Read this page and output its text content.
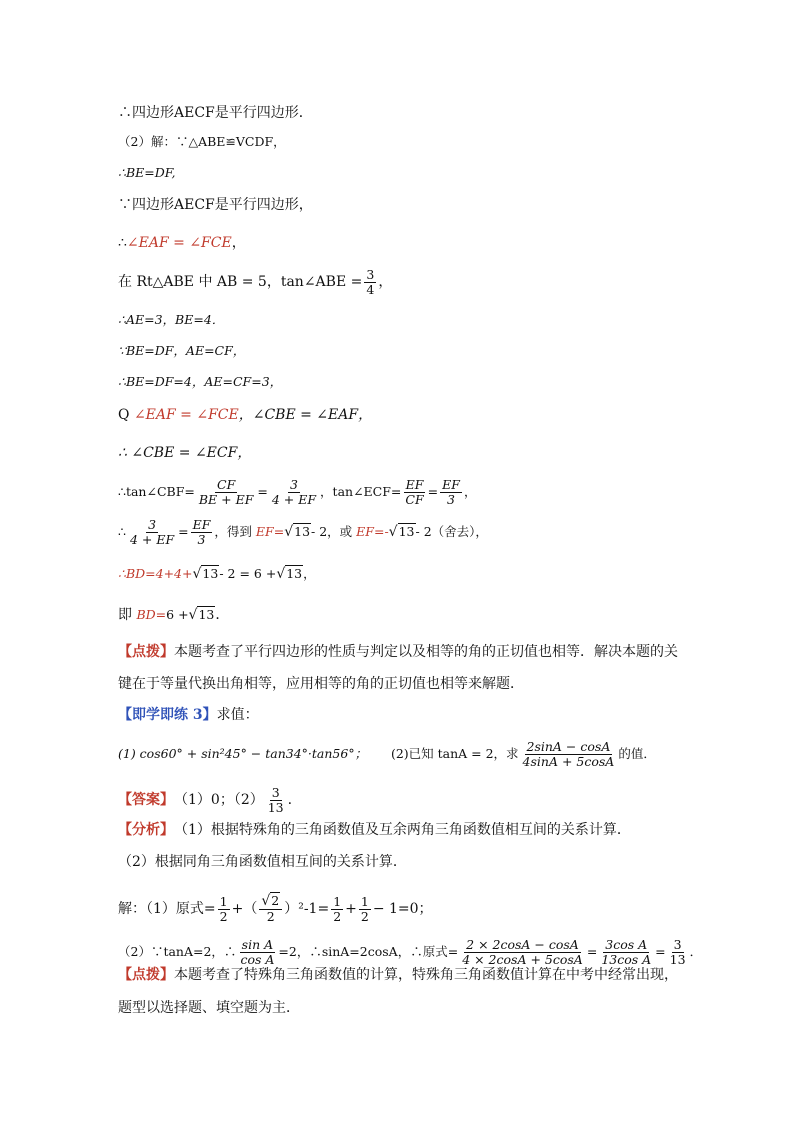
∴四边形AECF是平行四边形．
（2）解：∵△ABE≌VCDF，
∴BE=DF,
∵四边形AECF是平行四边形，
∴ ∠EAF = ∠FCE ，
在 Rt△ABE 中 AB = 5，tan∠ABE = $\frac{3}{4}$ ，
∴AE=3，BE=4．
∵BE=DF，AE=CF，
∴BE=DF=4，AE=CF=3，
Q
∠EAF = ∠FCE ，∠CBE = ∠EAF，
∴ ∠CBE = ∠ECF，
∴tan∠CBF= $\frac{CF}{BE + EF} = \frac{3}{4 + EF}$ ，tan∠ECF= $\frac{EF}{CF} = \frac{EF}{3}$ ，
∴ $\frac{3}{4 + EF} = \frac{EF}{3}$ ，得到
EF= √13 - 2，或
EF=- √13 - 2（舍去），
∴BD=4+4+ √13 - 2 = 6 + √13 ，
即
BD= 6 + √13 ．
【点拨】 本题考查了平行四边形的性质与判定以及相等的角的正切值也相等．解决本题的关
键在于等量代换出角相等，应用相等的角的正切值也相等来解题．
【即学即练 3】 求值：
(1) cos60° + sin²45° − tan34°·tan56°；
(2)已知 tanA = 2，求 $\frac{2\sin A - \cos A}{4\sin A + 5\cos A}$ 的值．
【答案】 （1）0；$(2) \frac{3}{13}$ .
【分析】 （1）根据特殊角的三角函数值及互余两角三角函数值相互间的关系计算．
（2）根据同角三角函数值相互间的关系计算．
解：（1）原式= $\frac{1}{2}$ +（
√2
2 ）$^2-1= \frac{1}{2} + \frac{1}{2} - 1=0$；
（2）∵tanA=2，∴ $\frac{\text{sin A}}{\text{cos A}} =2$，∴sinA=2cosA，∴原式= $\frac{2 \times 2\cos A - \cos A}{4 \times 2\cos A + 5\cos A} = \frac{\text{3cos A}}{\text{13cos A}} = \frac{3}{13}$ ．
【点拨】 本题考查了特殊角三角函数值的计算，特殊角三角函数值计算在中考中经常出现，
题型以选择题、填空题为主．
